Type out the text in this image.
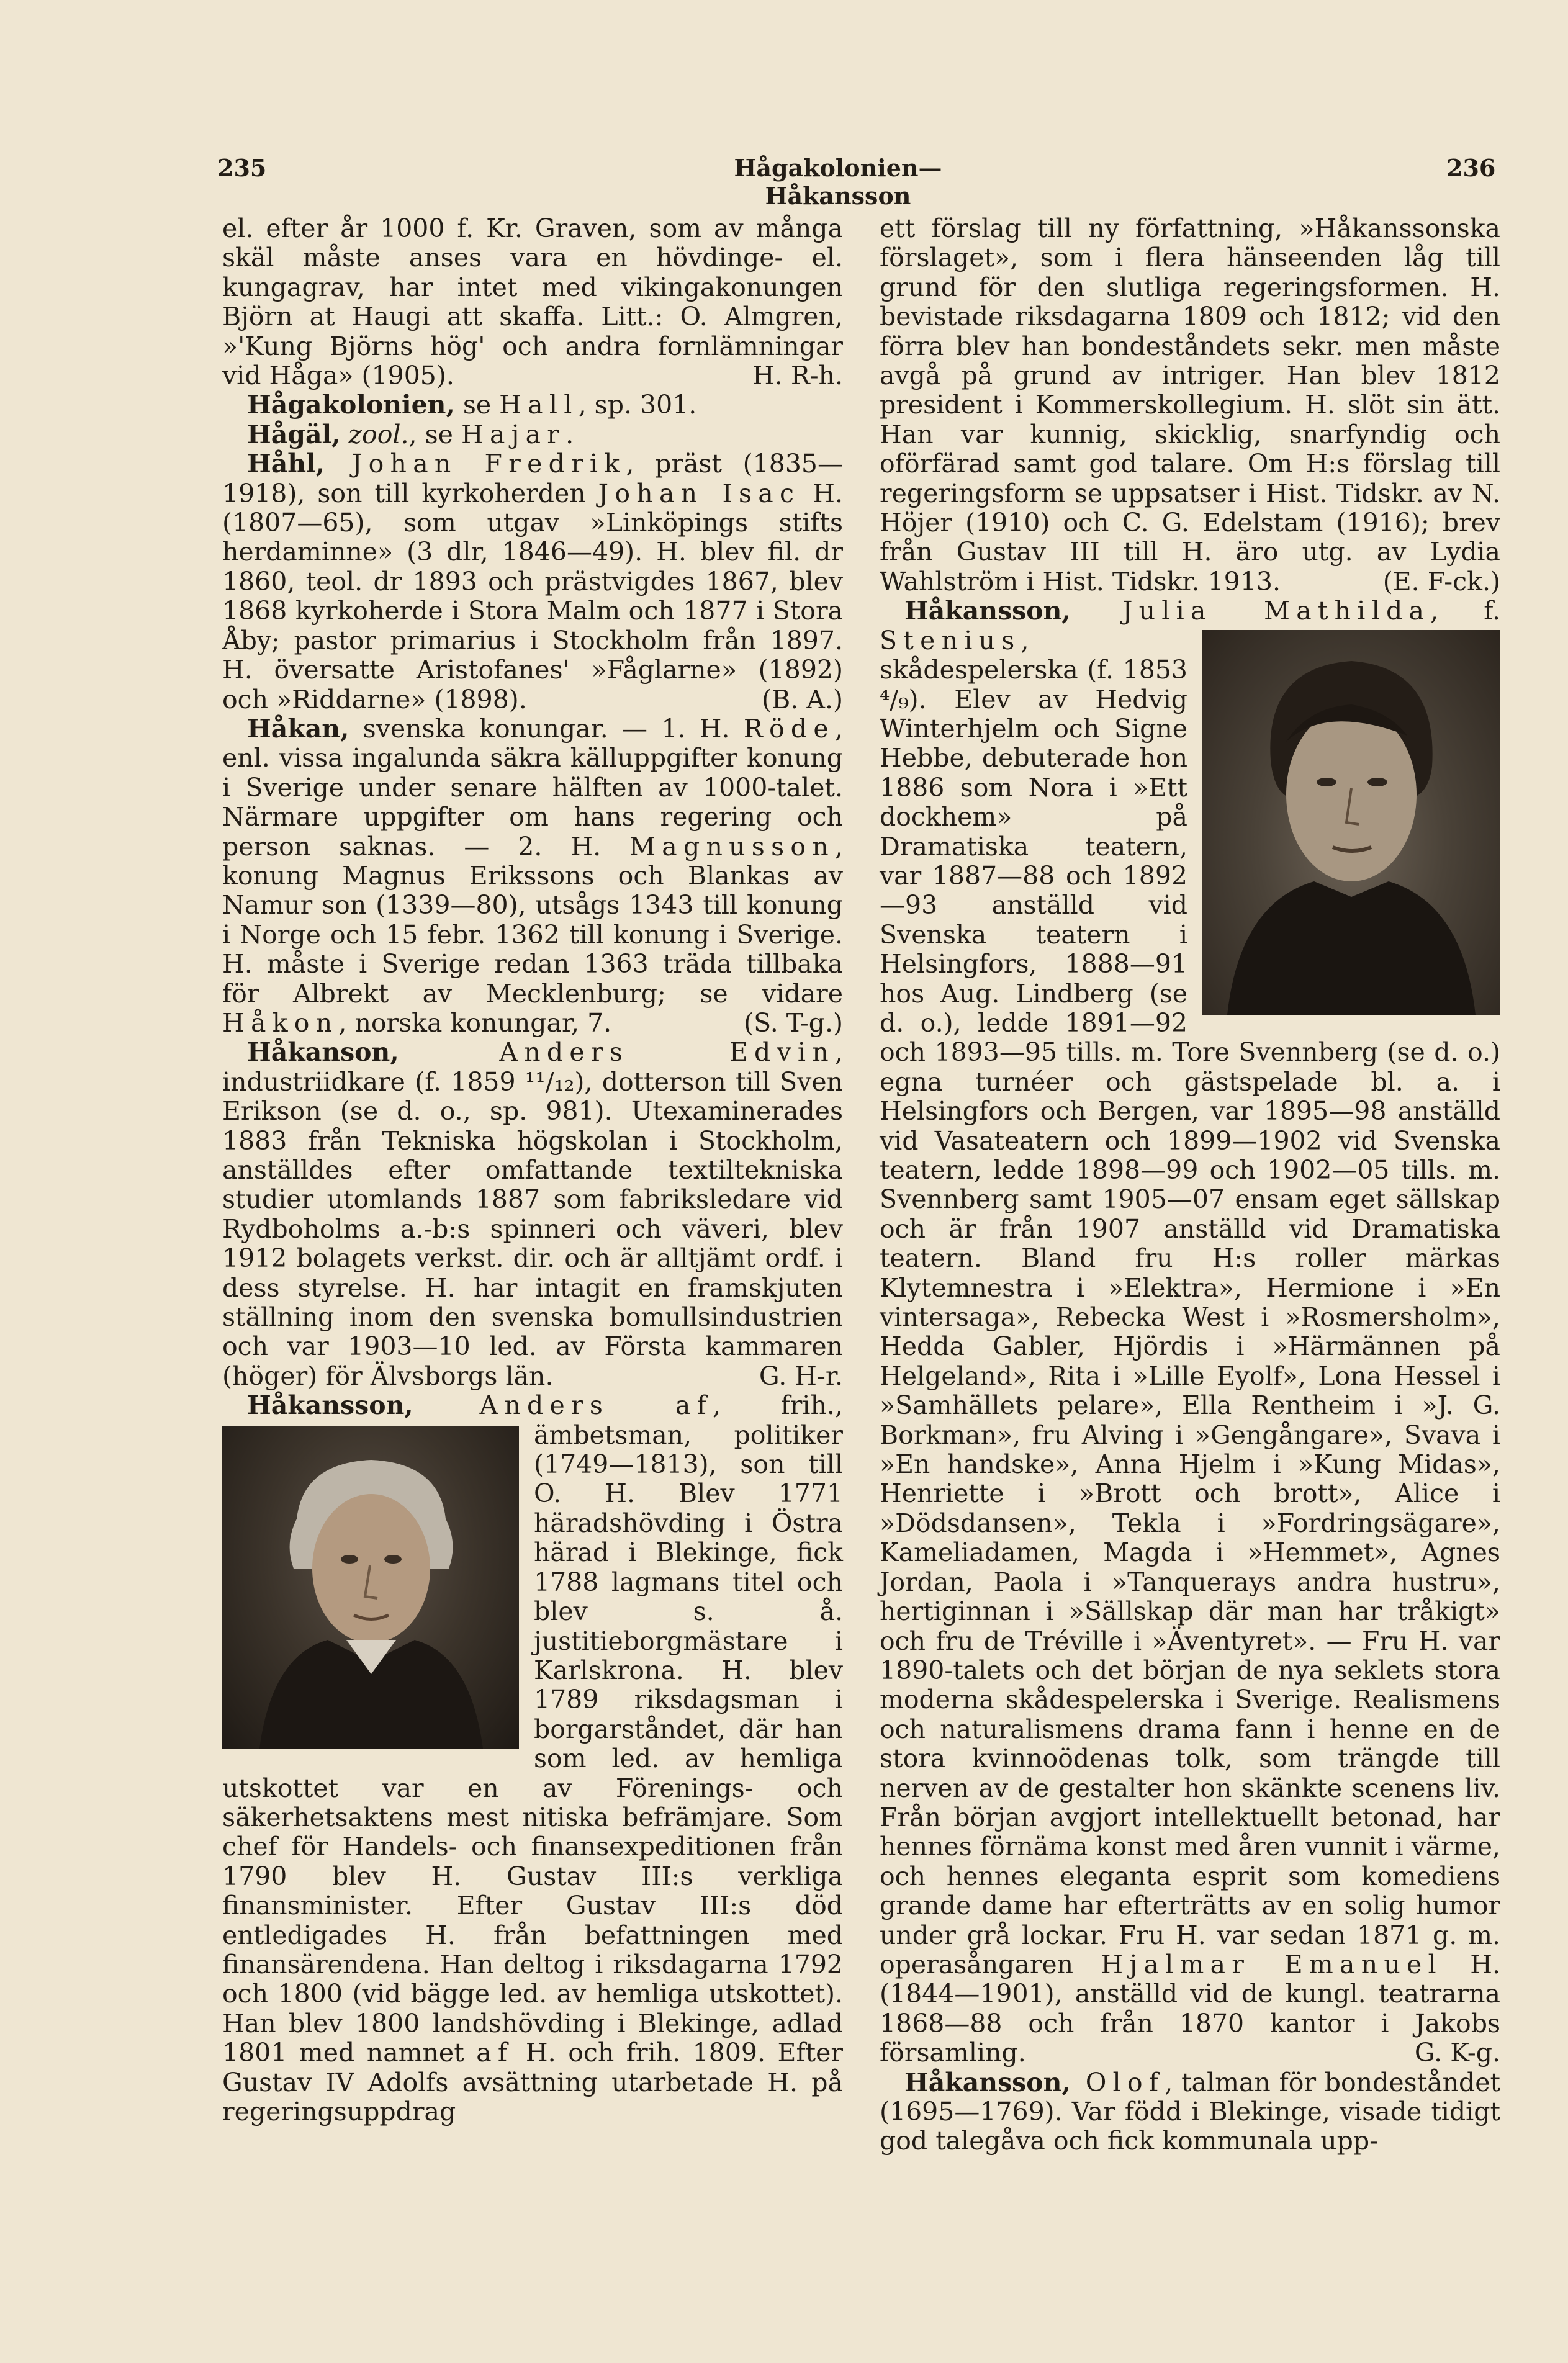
235	Hågakolonien—Håkansson
236

el. efter år 1000 f. Kr. Graven, som av många skäl måste anses vara en hövdinge- el. kungagrav, har intet med vikingakonungen Björn at Haugi att skaffa. Litt.: O. Almgren, »'Kung Björns hög' och andra fornlämningar vid Håga» (1905).	H. R-h.

Hågakolonien, se Hall, sp. 301.

Hågäl, zool., se Hajar.

Håhl, Johan Fredrik, präst (1835—1918), son till kyrkoherden Johan Isac H. (1807—65), som utgav »Linköpings stifts herdaminne» (3 dlr, 1846—49). H. blev fil. dr 1860, teol. dr 1893 och prästvigdes 1867, blev 1868 kyrkoherde i Stora Malm och 1877 i Stora Åby; pastor primarius i Stockholm från 1897. H. översatte Aristofanes' »Fåglarne» (1892) och »Riddarne» (1898).	(B. A.)

Håkan, svenska konungar. — 1. H. Röde, enl. vissa ingalunda säkra källuppgifter konung i Sverige under senare hälften av 1000-talet. Närmare uppgifter om hans regering och person saknas. — 2. H. Magnusson, konung Magnus Erikssons och Blankas av Namur son (1339—80), utsågs 1343 till konung i Norge och 15 febr. 1362 till konung i Sverige. H. måste i Sverige redan 1363 träda tillbaka för Albrekt av Mecklenburg; se vidare Håkon, norska konungar, 7.	(S. T-g.)

Håkanson, Anders Edvin, industriidkare (f. 1859 ¹¹/₁₂), dotterson till Sven Erikson (se d. o., sp. 981). Utexaminerades 1883 från Tekniska högskolan i Stockholm, anställdes efter omfattande textiltekniska studier utomlands 1887 som fabriksledare vid Rydboholms a.-b:s spinneri och väveri, blev 1912 bolagets verkst. dir. och är alltjämt ordf. i dess styrelse. H. har intagit en framskjuten ställning inom den svenska bomullsindustrien och var 1903—10 led. av Första kammaren (höger) för Älvsborgs län.	G. H-r.

Håkansson, Anders af
, frih., ämbetsman, politiker (1749—1813), son till O. H. Blev 1771 häradshövding i Östra härad i Blekinge, fick 1788 lagmans titel och blev s. å. justitieborgmästare i Karlskrona. H. blev 1789 riksdagsman i borgarståndet, där han som led. av hemliga utskottet var en av Förenings- och säkerhetsaktens mest nitiska befrämjare. Som chef för Handels- och finansexpeditionen från 1790 blev H. Gustav III:s verkliga finansminister. Efter Gustav III:s död entledigades H. från befattningen med finansärendena. Han deltog i riksdagarna 1792 och 1800 (vid bägge led. av hemliga utskottet). Han blev 1800 landshövding i Blekinge, adlad 1801 med namnet af H. och frih. 1809. Efter Gustav IV Adolfs avsättning utarbetade H. på regeringsuppdrag

ett förslag till ny författning, »Håkanssonska förslaget», som i flera hänseenden låg till grund för den slutliga regeringsformen. H. bevistade riksdagarna 1809 och 1812; vid den förra blev han bondeståndets sekr. men måste avgå på grund av intriger. Han blev 1812 president i Kommerskollegium. H. slöt sin ätt. Han var kunnig, skicklig, snarfyndig och oförfärad samt god talare. Om H:s förslag till regeringsform se uppsatser i Hist. Tidskr. av N. Höjer (1910) och C. G. Edelstam (1916); brev från Gustav III till H. äro utg. av Lydia Wahlström i Hist. Tidskr. 1913.	(E. F-ck.)

Håkansson, Julia Mathilda, f. Stenius
, skådespelerska (f. 1853 ⁴/₉). Elev av Hedvig Winterhjelm och Signe Hebbe, debuterade hon 1886 som Nora i »Ett dockhem» på Dramatiska teatern, var 1887—88 och 1892—93 anställd vid Svenska teatern i Helsingfors, 1888—91 hos Aug. Lindberg (se d. o.), ledde 1891—92 och 1893—95 tills. m. Tore Svennberg (se d. o.) egna turnéer och gästspelade bl. a. i Helsingfors och Bergen, var 1895—98 anställd vid Vasateatern och 1899—1902 vid Svenska teatern, ledde 1898—99 och 1902—05 tills. m. Svennberg samt 1905—07 ensam eget sällskap och är från 1907 anställd vid Dramatiska teatern. Bland fru H:s roller märkas Klytemnestra i »Elektra», Hermione i »En vintersaga», Rebecka West i »Rosmersholm», Hedda Gabler, Hjördis i »Härmännen på Helgeland», Rita i »Lille Eyolf», Lona Hessel i »Samhällets pelare», Ella Rentheim i »J. G. Borkman», fru Alving i »Gengångare», Svava i »En handske», Anna Hjelm i »Kung Midas», Henriette i »Brott och brott», Alice i »Dödsdansen», Tekla i »Fordringsägare», Kameliadamen, Magda i »Hemmet», Agnes Jordan, Paola i »Tanquerays andra hustru», hertiginnan i »Sällskap där man har tråkigt» och fru de Tréville i »Äventyret». — Fru H. var 1890-talets och det början de nya seklets stora moderna skådespelerska i Sverige. Realismens och naturalismens drama fann i henne en de stora kvinnoödenas tolk, som trängde till nerven av de gestalter hon skänkte scenens liv. Från början avgjort intellektuellt betonad, har hennes förnäma konst med åren vunnit i värme, och hennes eleganta esprit som komediens grande dame har efterträtts av en solig humor under grå lockar. Fru H. var sedan 1871 g. m. operasångaren Hjalmar Emanuel H. (1844—1901), anställd vid de kungl. teatrarna 1868—88 och från 1870 kantor i Jakobs församling.	G. K-g.

Håkansson, Olof, talman för bondeståndet (1695—1769). Var född i Blekinge, visade tidigt god talegåva och fick kommunala upp-
